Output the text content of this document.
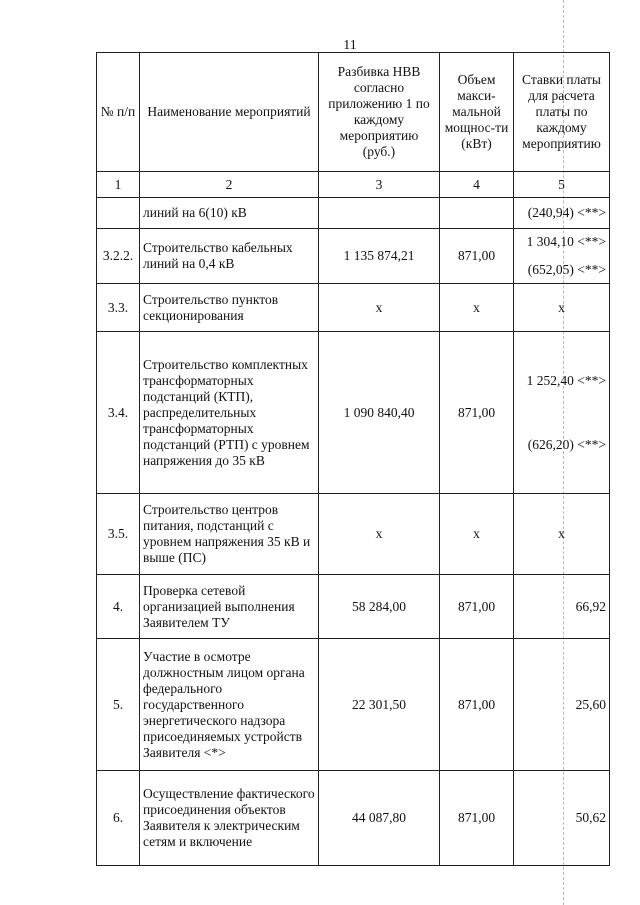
11
№ п/п	Наименование мероприятий	Разбивка НВВ согласно приложению 1 по каждому мероприятию (руб.)	Объем макси-мальной мощнос-ти (кВт)	Ставки платы для расчета платы по каждому мероприятию
1	2	3	4	5
	линий на 6(10) кВ			(240,94) <**>
3.2.2.	Строительство кабельных линий на 0,4 кВ	1 135 874,21	871,00	1 304,10 <**>
(652,05) <**>

3.3.	Строительство пунктов секционирования	x	x	x
3.4.	Строительство комплектных трансформаторных подстанций (КТП), распределительных трансформаторных подстанций (РТП) с уровнем напряжения до 35 кВ	1 090 840,40	871,00	1 252,40 <**>
(626,20) <**>

3.5.	Строительство центров питания, подстанций с уровнем напряжения 35 кВ и выше (ПС)	x	x	x
4.	Проверка сетевой организацией выполнения Заявителем ТУ	58 284,00	871,00	66,92
5.	Участие в осмотре должностным лицом органа федерального государственного энергетического надзора присоединяемых устройств Заявителя <*>	22 301,50	871,00	25,60
6.	Осуществление фактического присоединения объектов Заявителя к электрическим сетям и включение	44 087,80	871,00	50,62
